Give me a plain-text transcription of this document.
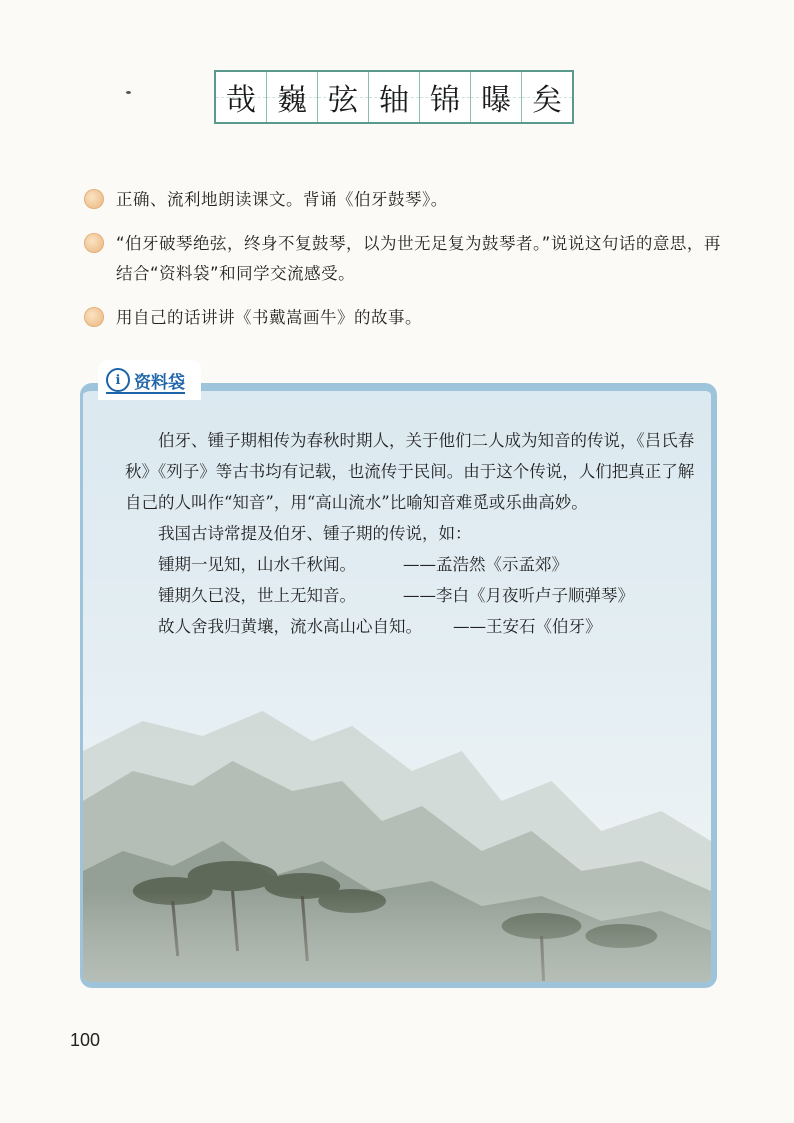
哉 巍 弦 轴 锦 曝 矣
正确、流利地朗读课文。背诵《伯牙鼓琴》。
“伯牙破琴绝弦，终身不复鼓琴，以为世无足复为鼓琴者。”说说这句话的意思，再结合“资料袋”和同学交流感受。
用自己的话讲讲《书戴嵩画牛》的故事。
ℹ 资料袋

伯牙、锺子期相传为春秋时期人，关于他们二人成为知音的传说，《吕氏春秋》《列子》等古书均有记载，也流传于民间。由于这个传说，人们把真正了解自己的人叫作“知音”，用“高山流水”比喻知音难觅或乐曲高妙。

我国古诗常提及伯牙、锺子期的传说，如：

锺期一见知，山水千秋闻。	——孟浩然《示孟郊》
锺期久已没，世上无知音。	——李白《月夜听卢子顺弹琴》
故人舍我归黄壤，流水高山心自知。	——王安石《伯牙》
100
